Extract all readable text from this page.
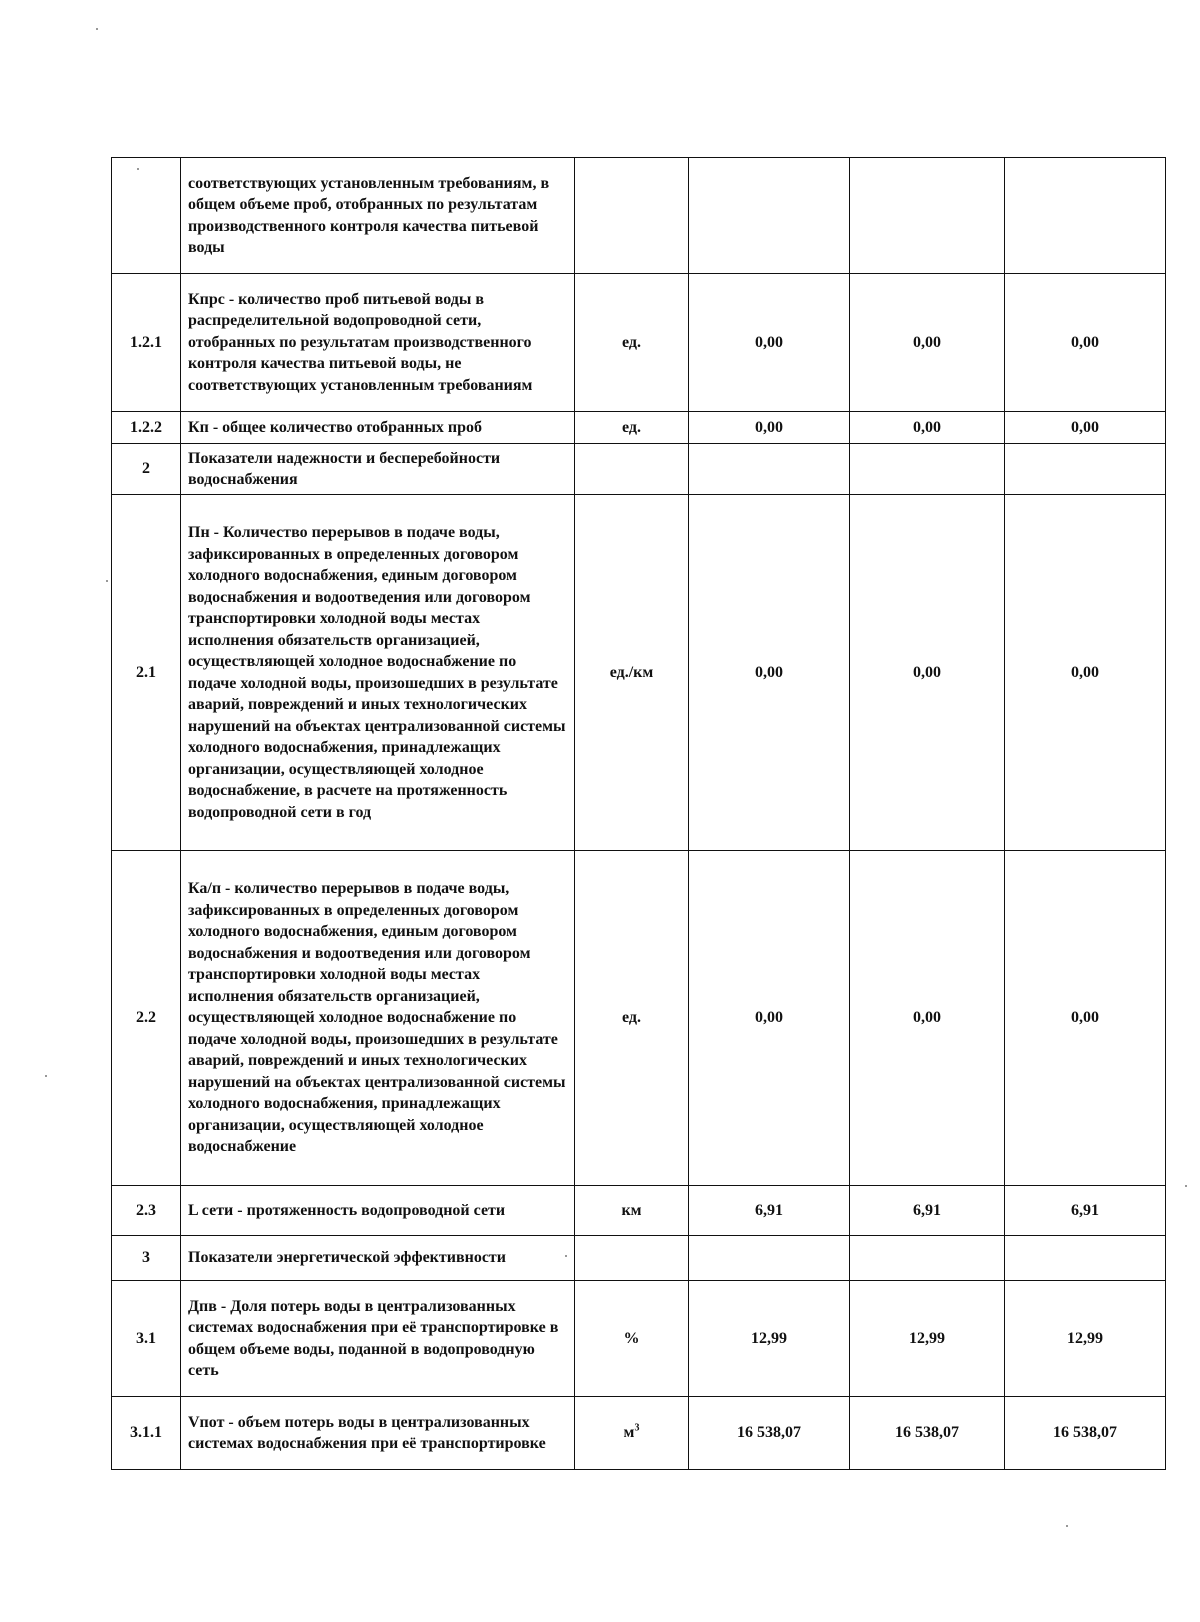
	соответствующих установленным требованиям, в общем объеме проб, отобранных по результатам производственного контроля качества питьевой воды				
1.2.1	Кпрс - количество проб питьевой воды в распределительной водопроводной сети, отобранных по результатам производственного контроля качества питьевой воды, не соответствующих установленным требованиям	ед.	0,00	0,00	0,00
1.2.2	Кп - общее количество отобранных проб	ед.	0,00	0,00	0,00
2	Показатели надежности и бесперебойности водоснабжения				
2.1	Пн - Количество перерывов в подаче воды, зафиксированных в определенных договором холодного водоснабжения, единым договором водоснабжения и водоотведения или договором транспортировки холодной воды местах исполнения обязательств организацией, осуществляющей холодное водоснабжение по подаче холодной воды, произошедших в результате аварий, повреждений и иных технологических нарушений на объектах централизованной системы холодного водоснабжения, принадлежащих организации, осуществляющей холодное водоснабжение, в расчете на протяженность водопроводной сети в год	ед./км	0,00	0,00	0,00
2.2	Ка/п - количество перерывов в подаче воды, зафиксированных в определенных договором холодного водоснабжения, единым договором водоснабжения и водоотведения или договором транспортировки холодной воды местах исполнения обязательств организацией, осуществляющей холодное водоснабжение по подаче холодной воды, произошедших в результате аварий, повреждений и иных технологических нарушений на объектах централизованной системы холодного водоснабжения, принадлежащих организации, осуществляющей холодное водоснабжение	ед.	0,00	0,00	0,00
2.3	L сети - протяженность водопроводной сети	км	6,91	6,91	6,91
3	Показатели энергетической эффективности				
3.1	Дпв - Доля потерь воды в централизованных системах водоснабжения при её транспортировке в общем объеме воды, поданной в водопроводную сеть	%	12,99	12,99	12,99
3.1.1	Vпот - объем потерь воды в централизованных системах водоснабжения при её транспортировке	$м^3$	16 538,07	16 538,07	16 538,07
